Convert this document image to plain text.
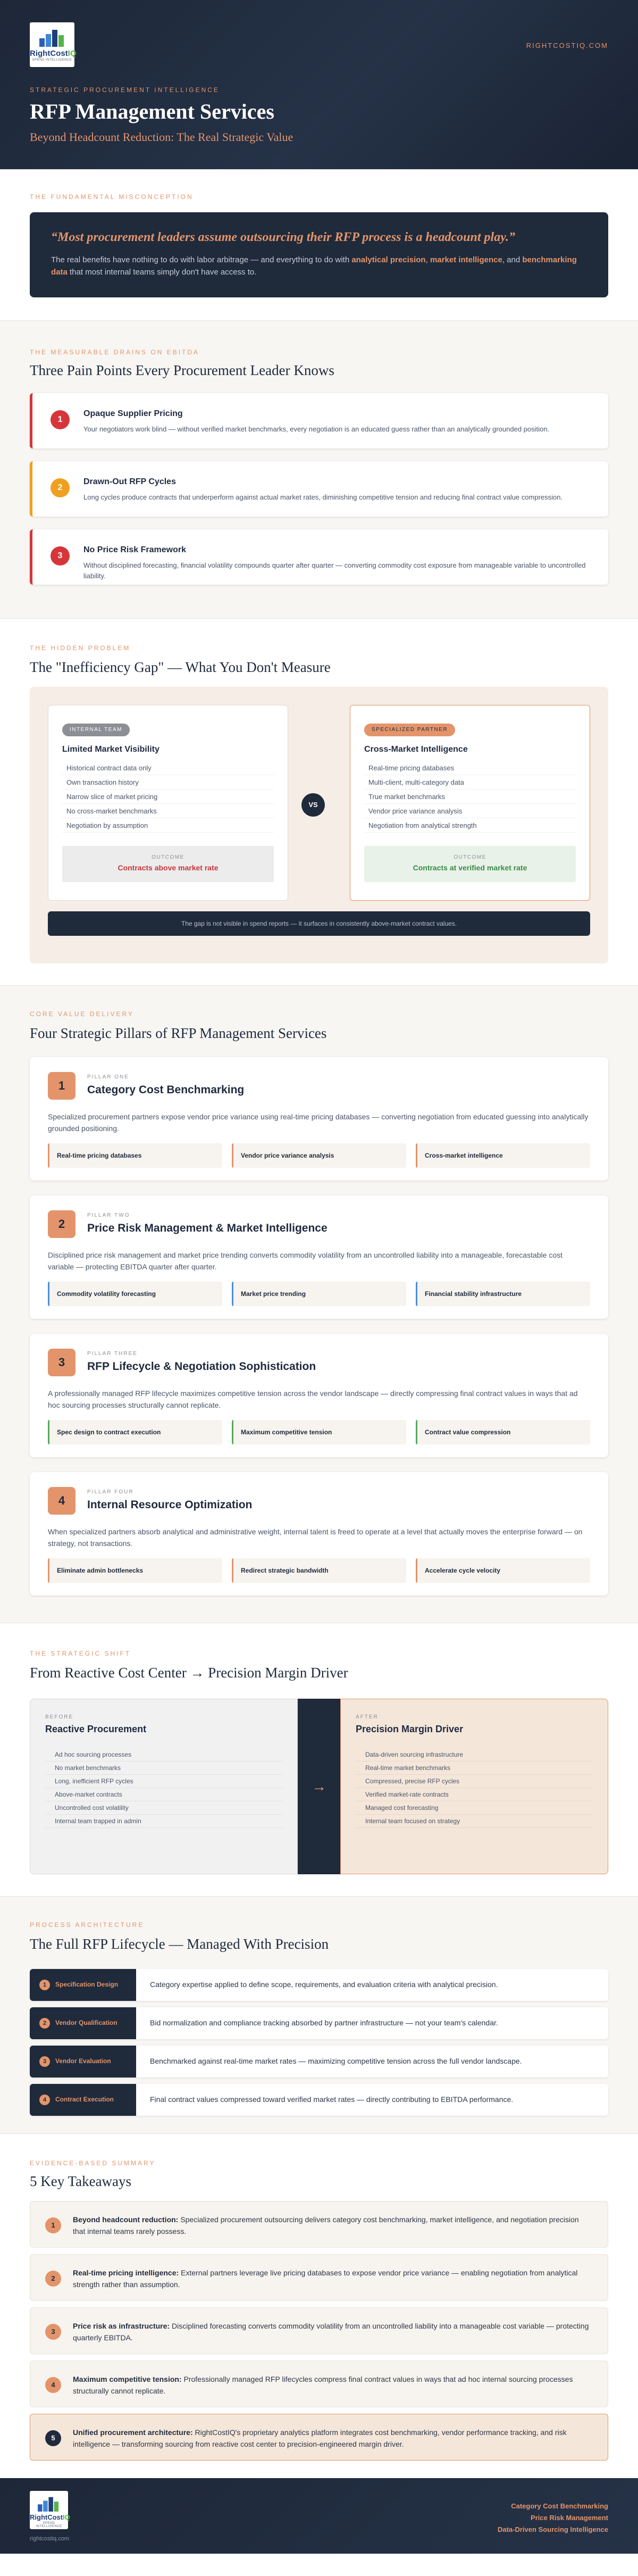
RightCostIQ
SPEND INTELLIGENCE
RIGHTCOSTIQ.COM
STRATEGIC PROCUREMENT INTELLIGENCE
RFP Management Services
Beyond Headcount Reduction: The Real Strategic Value
THE FUNDAMENTAL MISCONCEPTION
“Most procurement leaders assume outsourcing their RFP process is a headcount play.”
The real benefits have nothing to do with labor arbitrage — and everything to do with analytical precision, market intelligence, and benchmarking data that most internal teams simply don't have access to.
THE MEASURABLE DRAINS ON EBITDA
Three Pain Points Every Procurement Leader Knows
1
Opaque Supplier Pricing
Your negotiators work blind — without verified market benchmarks, every negotiation is an educated guess rather than an analytically grounded position.
2
Drawn-Out RFP Cycles
Long cycles produce contracts that underperform against actual market rates, diminishing competitive tension and reducing final contract value compression.
3
No Price Risk Framework
Without disciplined forecasting, financial volatility compounds quarter after quarter — converting commodity cost exposure from manageable variable to uncontrolled liability.
THE HIDDEN PROBLEM
The "Inefficiency Gap" — What You Don't Measure
INTERNAL TEAM
Limited Market Visibility
Historical contract data only
Own transaction history
Narrow slice of market pricing
No cross-market benchmarks
Negotiation by assumption
OUTCOME
Contracts above market rate
VS
SPECIALIZED PARTNER
Cross-Market Intelligence
Real-time pricing databases
Multi-client, multi-category data
True market benchmarks
Vendor price variance analysis
Negotiation from analytical strength
OUTCOME
Contracts at verified market rate
The gap is not visible in spend reports — it surfaces in consistently above-market contract values.
CORE VALUE DELIVERY
Four Strategic Pillars of RFP Management Services
1
PILLAR ONE
Category Cost Benchmarking
Specialized procurement partners expose vendor price variance using real-time pricing databases — converting negotiation from educated guessing into analytically grounded positioning.
Real-time pricing databases	Vendor price variance analysis	Cross-market intelligence
2
PILLAR TWO
Price Risk Management & Market Intelligence
Disciplined price risk management and market price trending converts commodity volatility from an uncontrolled liability into a manageable, forecastable cost variable — protecting EBITDA quarter after quarter.
Commodity volatility forecasting	Market price trending	Financial stability infrastructure
3
PILLAR THREE
RFP Lifecycle & Negotiation Sophistication
A professionally managed RFP lifecycle maximizes competitive tension across the vendor landscape — directly compressing final contract values in ways that ad hoc sourcing processes structurally cannot replicate.
Spec design to contract execution	Maximum competitive tension	Contract value compression
4
PILLAR FOUR
Internal Resource Optimization
When specialized partners absorb analytical and administrative weight, internal talent is freed to operate at a level that actually moves the enterprise forward — on strategy, not transactions.
Eliminate admin bottlenecks	Redirect strategic bandwidth	Accelerate cycle velocity
THE STRATEGIC SHIFT
From Reactive Cost Center → Precision Margin Driver
BEFORE
Reactive Procurement
Ad hoc sourcing processes
No market benchmarks
Long, inefficient RFP cycles
Above-market contracts
Uncontrolled cost volatility
Internal team trapped in admin
→
AFTER
Precision Margin Driver
Data-driven sourcing infrastructure
Real-time market benchmarks
Compressed, precise RFP cycles
Verified market-rate contracts
Managed cost forecasting
Internal team focused on strategy
PROCESS ARCHITECTURE
The Full RFP Lifecycle — Managed With Precision
1	Specification Design	Category expertise applied to define scope, requirements, and evaluation criteria with analytical precision.
2	Vendor Qualification	Bid normalization and compliance tracking absorbed by partner infrastructure — not your team's calendar.
3	Vendor Evaluation	Benchmarked against real-time market rates — maximizing competitive tension across the full vendor landscape.
4	Contract Execution	Final contract values compressed toward verified market rates — directly contributing to EBITDA performance.
EVIDENCE-BASED SUMMARY
5 Key Takeaways
1
Beyond headcount reduction: Specialized procurement outsourcing delivers category cost benchmarking, market intelligence, and negotiation precision that internal teams rarely possess.
2
Real-time pricing intelligence: External partners leverage live pricing databases to expose vendor price variance — enabling negotiation from analytical strength rather than assumption.
3
Price risk as infrastructure: Disciplined forecasting converts commodity volatility from an uncontrolled liability into a manageable cost variable — protecting quarterly EBITDA.
4
Maximum competitive tension: Professionally managed RFP lifecycles compress final contract values in ways that ad hoc internal sourcing processes structurally cannot replicate.
5
Unified procurement architecture: RightCostIQ's proprietary analytics platform integrates cost benchmarking, vendor performance tracking, and risk intelligence — transforming sourcing from reactive cost center to precision-engineered margin driver.
RightCostIQ
SPEND INTELLIGENCE
rightcostiq.com
Category Cost Benchmarking
Price Risk Management
Data-Driven Sourcing Intelligence
